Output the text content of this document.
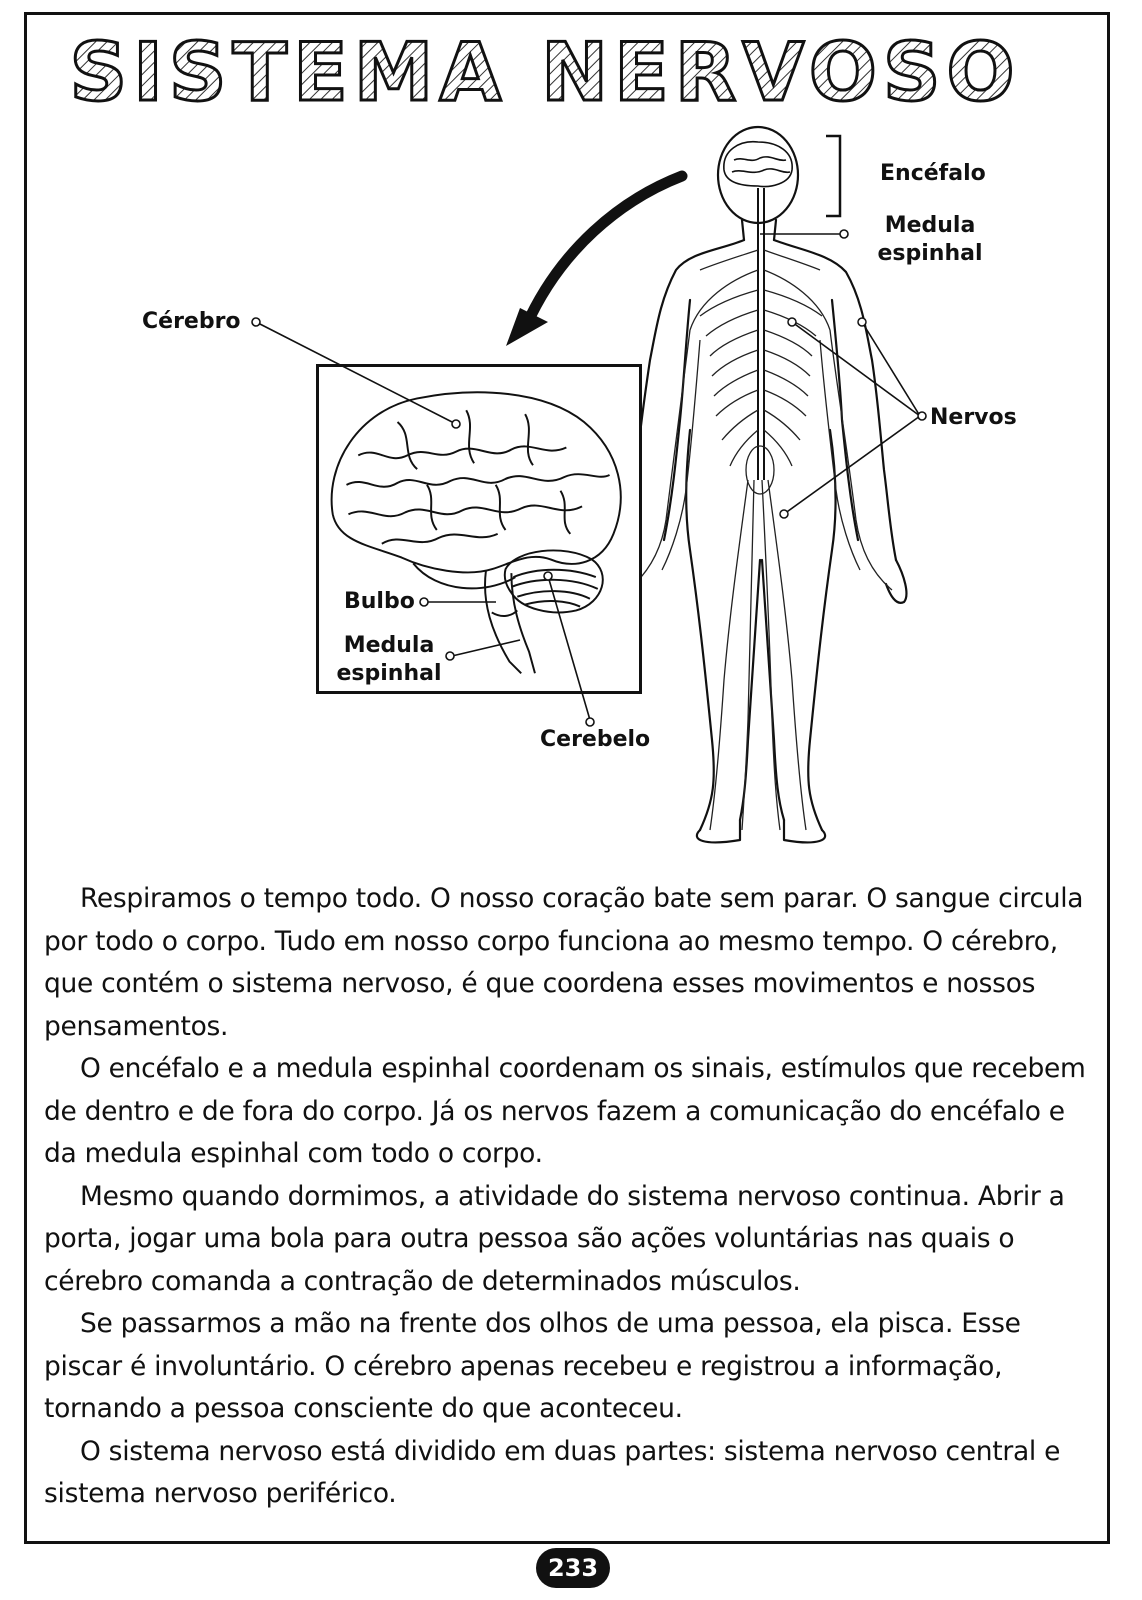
SISTEMA NERVOSO
Encéfalo
Medula
espinhal
Nervos
Cérebro
Bulbo
Medula
espinhal
Cerebelo

Respiramos o tempo todo. O nosso coração bate sem parar. O sangue circula por todo o corpo. Tudo em nosso corpo funciona ao mesmo tempo. O cérebro, que contém o sistema nervoso, é que coordena esses movimentos e nossos pensamentos.

O encéfalo e a medula espinhal coordenam os sinais, estímulos que recebem de dentro e de fora do corpo. Já os nervos fazem a comunicação do encéfalo e da medula espinhal com todo o corpo.

Mesmo quando dormimos, a atividade do sistema nervoso continua. Abrir a porta, jogar uma bola para outra pessoa são ações voluntárias nas quais o cérebro comanda a contração de determinados músculos.

Se passarmos a mão na frente dos olhos de uma pessoa, ela pisca. Esse piscar é involuntário. O cérebro apenas recebeu e registrou a informação, tornando a pessoa consciente do que aconteceu.

O sistema nervoso está dividido em duas partes: sistema nervoso central e sistema nervoso periférico.

233
